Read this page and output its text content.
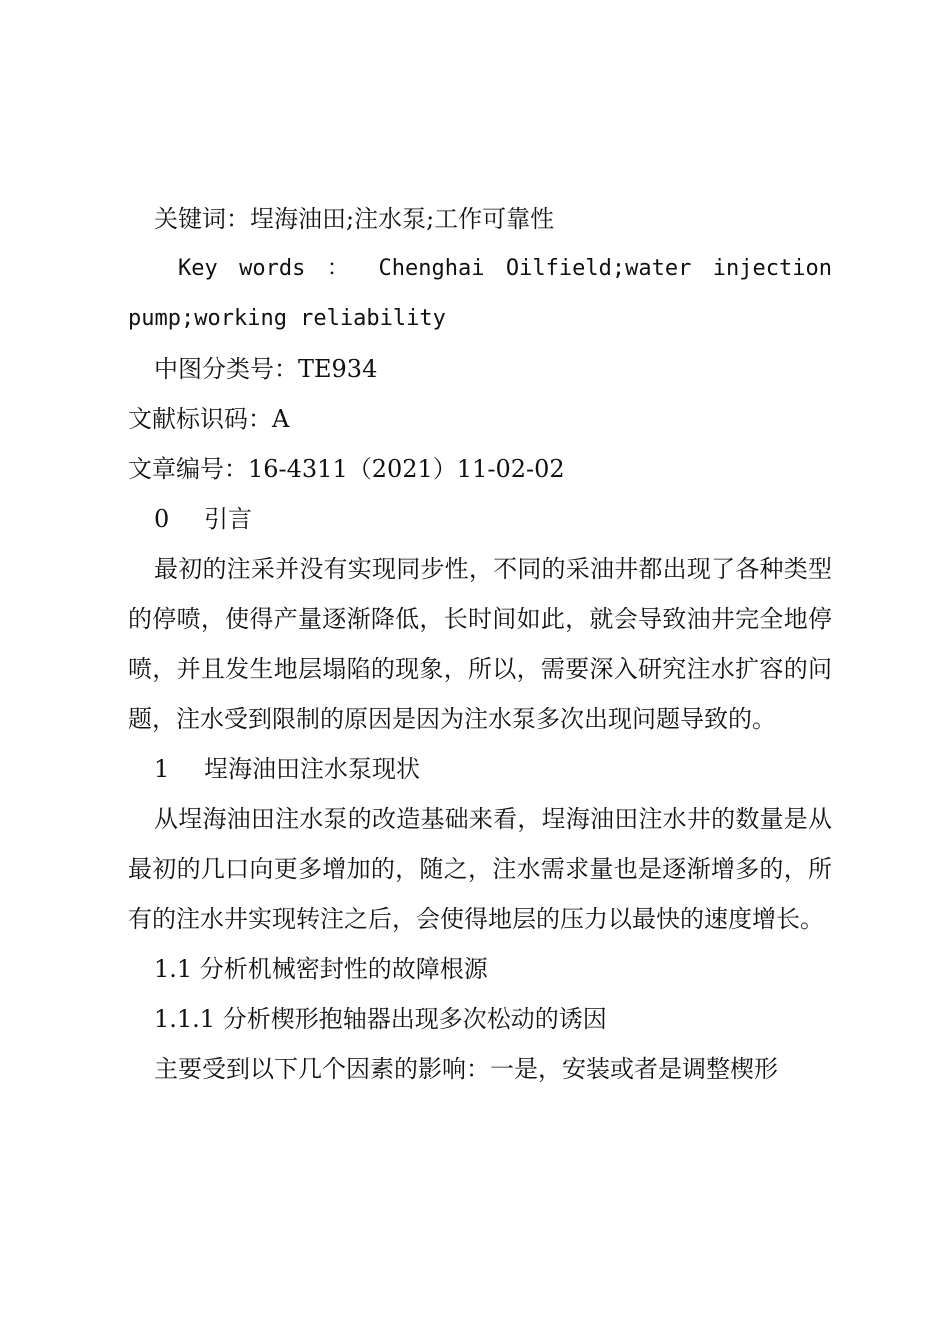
关键词：埕海油田;注水泵;工作可靠性
Key words ： Chenghai Oilfield;water injection pump;working reliability
中图分类号：TE934
文献标识码：A
文章编号：16-4311（2021）11-02-02
0 引言
最初的注采并没有实现同步性，不同的采油井都出现了各种类型的停喷，使得产量逐渐降低，长时间如此，就会导致油井完全地停喷，并且发生地层塌陷的现象，所以，需要深入研究注水扩容的问题，注水受到限制的原因是因为注水泵多次出现问题导致的。
1 埕海油田注水泵现状
从埕海油田注水泵的改造基础来看，埕海油田注水井的数量是从最初的几口向更多增加的，随之，注水需求量也是逐渐增多的，所有的注水井实现转注之后，会使得地层的压力以最快的速度增长。
1.1 分析机械密封性的故障根源
1.1.1 分析楔形抱轴器出现多次松动的诱因
主要受到以下几个因素的影响：一是，安装或者是调整楔形
